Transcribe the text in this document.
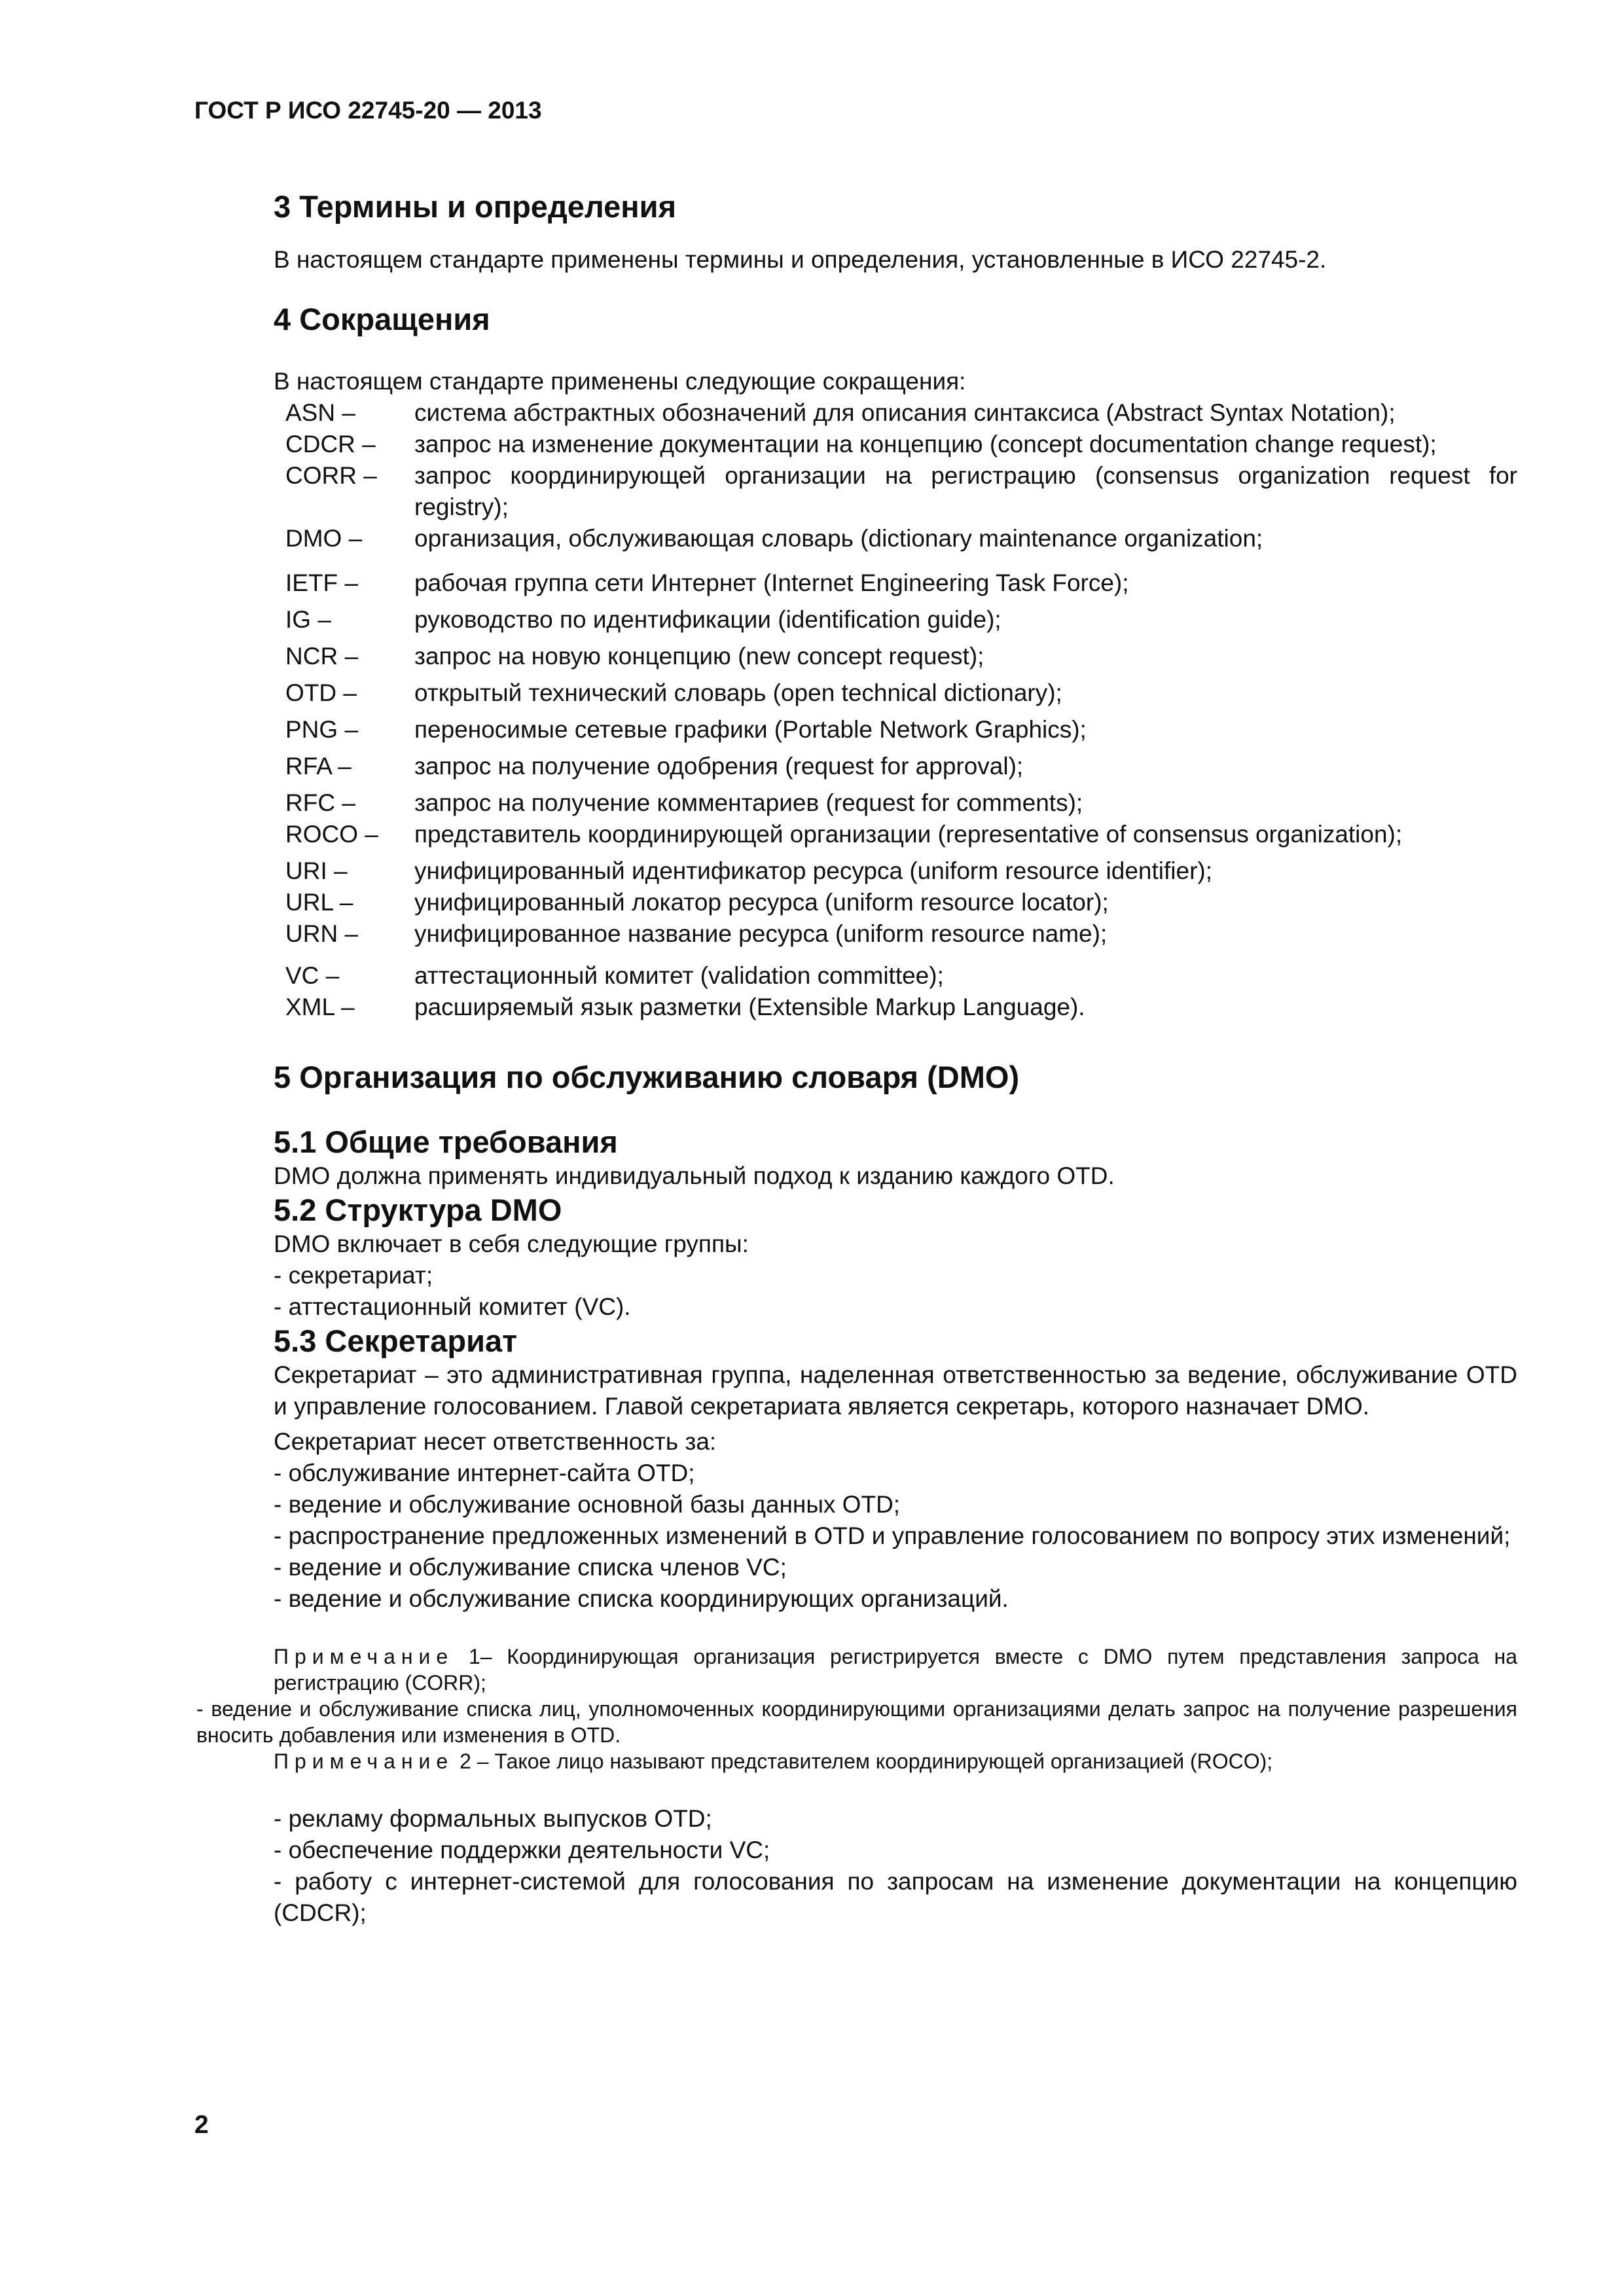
ГОСТ Р ИСО 22745-20 — 2013
3 Термины и определения

В настоящем стандарте применены термины и определения, установленные в ИСО 22745-2.

4 Сокращения

В настоящем стандарте применены следующие сокращения:

ASN –	система абстрактных обозначений для описания синтаксиса (Abstract Syntax Notation);
CDCR –	запрос на изменение документации на концепцию (concept documentation change request);
CORR –	запрос координирующей организации на регистрацию (consensus organization request for registry);
DMO –	организация, обслуживающая словарь (dictionary maintenance organization;
IETF –	рабочая группа сети Интернет (Internet Engineering Task Force);
IG –	руководство по идентификации (identification guide);
NCR –	запрос на новую концепцию (new concept request);
OTD –	открытый технический словарь (open technical dictionary);
PNG –	переносимые сетевые графики (Portable Network Graphics);
RFA –	запрос на получение одобрения (request for approval);
RFC –	запрос на получение комментариев (request for comments);
ROCO –	представитель координирующей организации (representative of consensus organization);
URI –	унифицированный идентификатор ресурса (uniform resource identifier);
URL –	унифицированный локатор ресурса (uniform resource locator);
URN –	унифицированное название ресурса (uniform resource name);
VC –	аттестационный комитет (validation committee);
XML –	расширяемый язык разметки (Extensible Markup Language).
5 Организация по обслуживанию словаря (DMO)
5.1 Общие требования

DMO должна применять индивидуальный подход к изданию каждого OTD.

5.2 Структура DMO

DMO включает в себя следующие группы:

- секретариат;

- аттестационный комитет (VC).

5.3 Секретариат

Секретариат – это административная группа, наделенная ответственностью за ведение, обслуживание OTD и управление голосованием. Главой секретариата является секретарь, которого назначает DMO.

Секретариат несет ответственность за:

- обслуживание интернет-сайта OTD;

- ведение и обслуживание основной базы данных OTD;

- распространение предложенных изменений в OTD и управление голосованием по вопросу этих изменений;

- ведение и обслуживание списка членов VC;

- ведение и обслуживание списка координирующих организаций.

Примечание 1– Координирующая организация регистрируется вместе с DMO путем представления запроса на регистрацию (CORR);

- ведение и обслуживание списка лиц, уполномоченных координирующими организациями делать запрос на получение разрешения вносить добавления или изменения в OTD.

Примечание 2 – Такое лицо называют представителем координирующей организацией (ROCO);

- рекламу формальных выпусков OTD;

- обеспечение поддержки деятельности VC;

- работу с интернет-системой для голосования по запросам на изменение документации на концепцию (CDCR);

2
